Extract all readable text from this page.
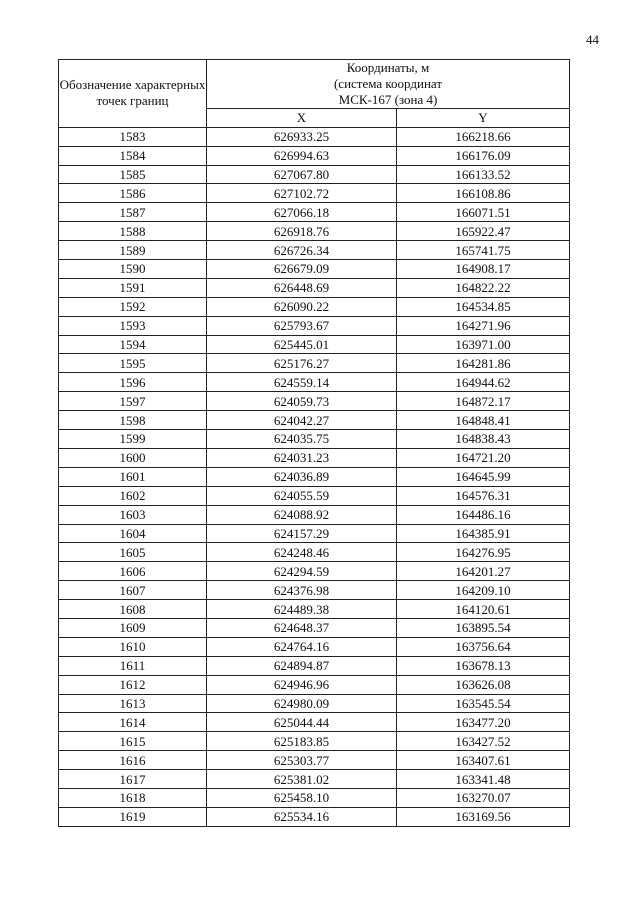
44
Обозначение характерных точек границ	Координаты, м
(система координат
МСК-167 (зона 4)	

	X	Y
1583	626933.25	166218.66
1584	626994.63	166176.09
1585	627067.80	166133.52
1586	627102.72	166108.86
1587	627066.18	166071.51
1588	626918.76	165922.47
1589	626726.34	165741.75
1590	626679.09	164908.17
1591	626448.69	164822.22
1592	626090.22	164534.85
1593	625793.67	164271.96
1594	625445.01	163971.00
1595	625176.27	164281.86
1596	624559.14	164944.62
1597	624059.73	164872.17
1598	624042.27	164848.41
1599	624035.75	164838.43
1600	624031.23	164721.20
1601	624036.89	164645.99
1602	624055.59	164576.31
1603	624088.92	164486.16
1604	624157.29	164385.91
1605	624248.46	164276.95
1606	624294.59	164201.27
1607	624376.98	164209.10
1608	624489.38	164120.61
1609	624648.37	163895.54
1610	624764.16	163756.64
1611	624894.87	163678.13
1612	624946.96	163626.08
1613	624980.09	163545.54
1614	625044.44	163477.20
1615	625183.85	163427.52
1616	625303.77	163407.61
1617	625381.02	163341.48
1618	625458.10	163270.07
1619	625534.16	163169.56
